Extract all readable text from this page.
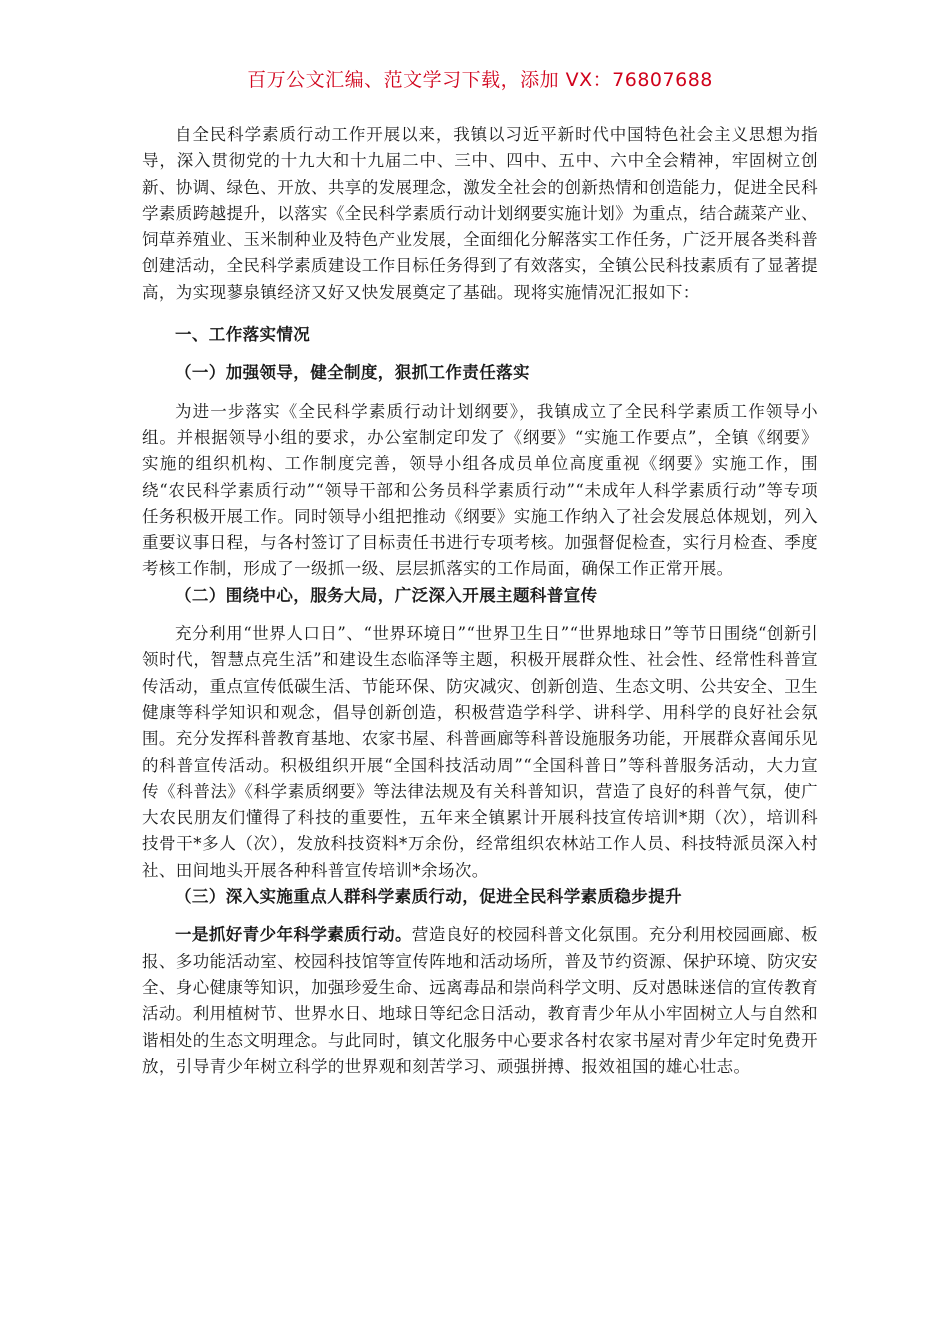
百万公文汇编、范文学习下载，添加 VX：76807688

自全民科学素质行动工作开展以来，我镇以习近平新时代中国特色社会主义思想为指导，深入贯彻党的十九大和十九届二中、三中、四中、五中、六中全会精神，牢固树立创新、协调、绿色、开放、共享的发展理念，激发全社会的创新热情和创造能力，促进全民科学素质跨越提升，以落实《全民科学素质行动计划纲要实施计划》为重点，结合蔬菜产业、饲草养殖业、玉米制种业及特色产业发展，全面细化分解落实工作任务，广泛开展各类科普创建活动，全民科学素质建设工作目标任务得到了有效落实，全镇公民科技素质有了显著提高，为实现蓼泉镇经济又好又快发展奠定了基础。现将实施情况汇报如下：

一、工作落实情况
（一）加强领导，健全制度，狠抓工作责任落实

为进一步落实《全民科学素质行动计划纲要》，我镇成立了全民科学素质工作领导小组。并根据领导小组的要求，办公室制定印发了《纲要》“实施工作要点”，全镇《纲要》实施的组织机构、工作制度完善，领导小组各成员单位高度重视《纲要》实施工作，围绕“农民科学素质行动”“领导干部和公务员科学素质行动”“未成年人科学素质行动”等专项任务积极开展工作。同时领导小组把推动《纲要》实施工作纳入了社会发展总体规划，列入重要议事日程，与各村签订了目标责任书进行专项考核。加强督促检查，实行月检查、季度考核工作制，形成了一级抓一级、层层抓落实的工作局面，确保工作正常开展。

（二）围绕中心，服务大局，广泛深入开展主题科普宣传

充分利用“世界人口日”、“世界环境日”“世界卫生日”“世界地球日”等节日围绕“创新引领时代，智慧点亮生活”和建设生态临泽等主题，积极开展群众性、社会性、经常性科普宣传活动，重点宣传低碳生活、节能环保、防灾减灾、创新创造、生态文明、公共安全、卫生健康等科学知识和观念，倡导创新创造，积极营造学科学、讲科学、用科学的良好社会氛围。充分发挥科普教育基地、农家书屋、科普画廊等科普设施服务功能，开展群众喜闻乐见的科普宣传活动。积极组织开展“全国科技活动周”“全国科普日”等科普服务活动，大力宣传《科普法》《科学素质纲要》等法律法规及有关科普知识，营造了良好的科普气氛，使广大农民朋友们懂得了科技的重要性，五年来全镇累计开展科技宣传培训*期（次），培训科技骨干*多人（次），发放科技资料*万余份，经常组织农林站工作人员、科技特派员深入村社、田间地头开展各种科普宣传培训*余场次。

（三）深入实施重点人群科学素质行动，促进全民科学素质稳步提升

一是抓好青少年科学素质行动。营造良好的校园科普文化氛围。充分利用校园画廊、板报、多功能活动室、校园科技馆等宣传阵地和活动场所，普及节约资源、保护环境、防灾安全、身心健康等知识，加强珍爱生命、远离毒品和崇尚科学文明、反对愚昧迷信的宣传教育活动。利用植树节、世界水日、地球日等纪念日活动，教育青少年从小牢固树立人与自然和谐相处的生态文明理念。与此同时，镇文化服务中心要求各村农家书屋对青少年定时免费开放，引导青少年树立科学的世界观和刻苦学习、顽强拼搏、报效祖国的雄心壮志。
